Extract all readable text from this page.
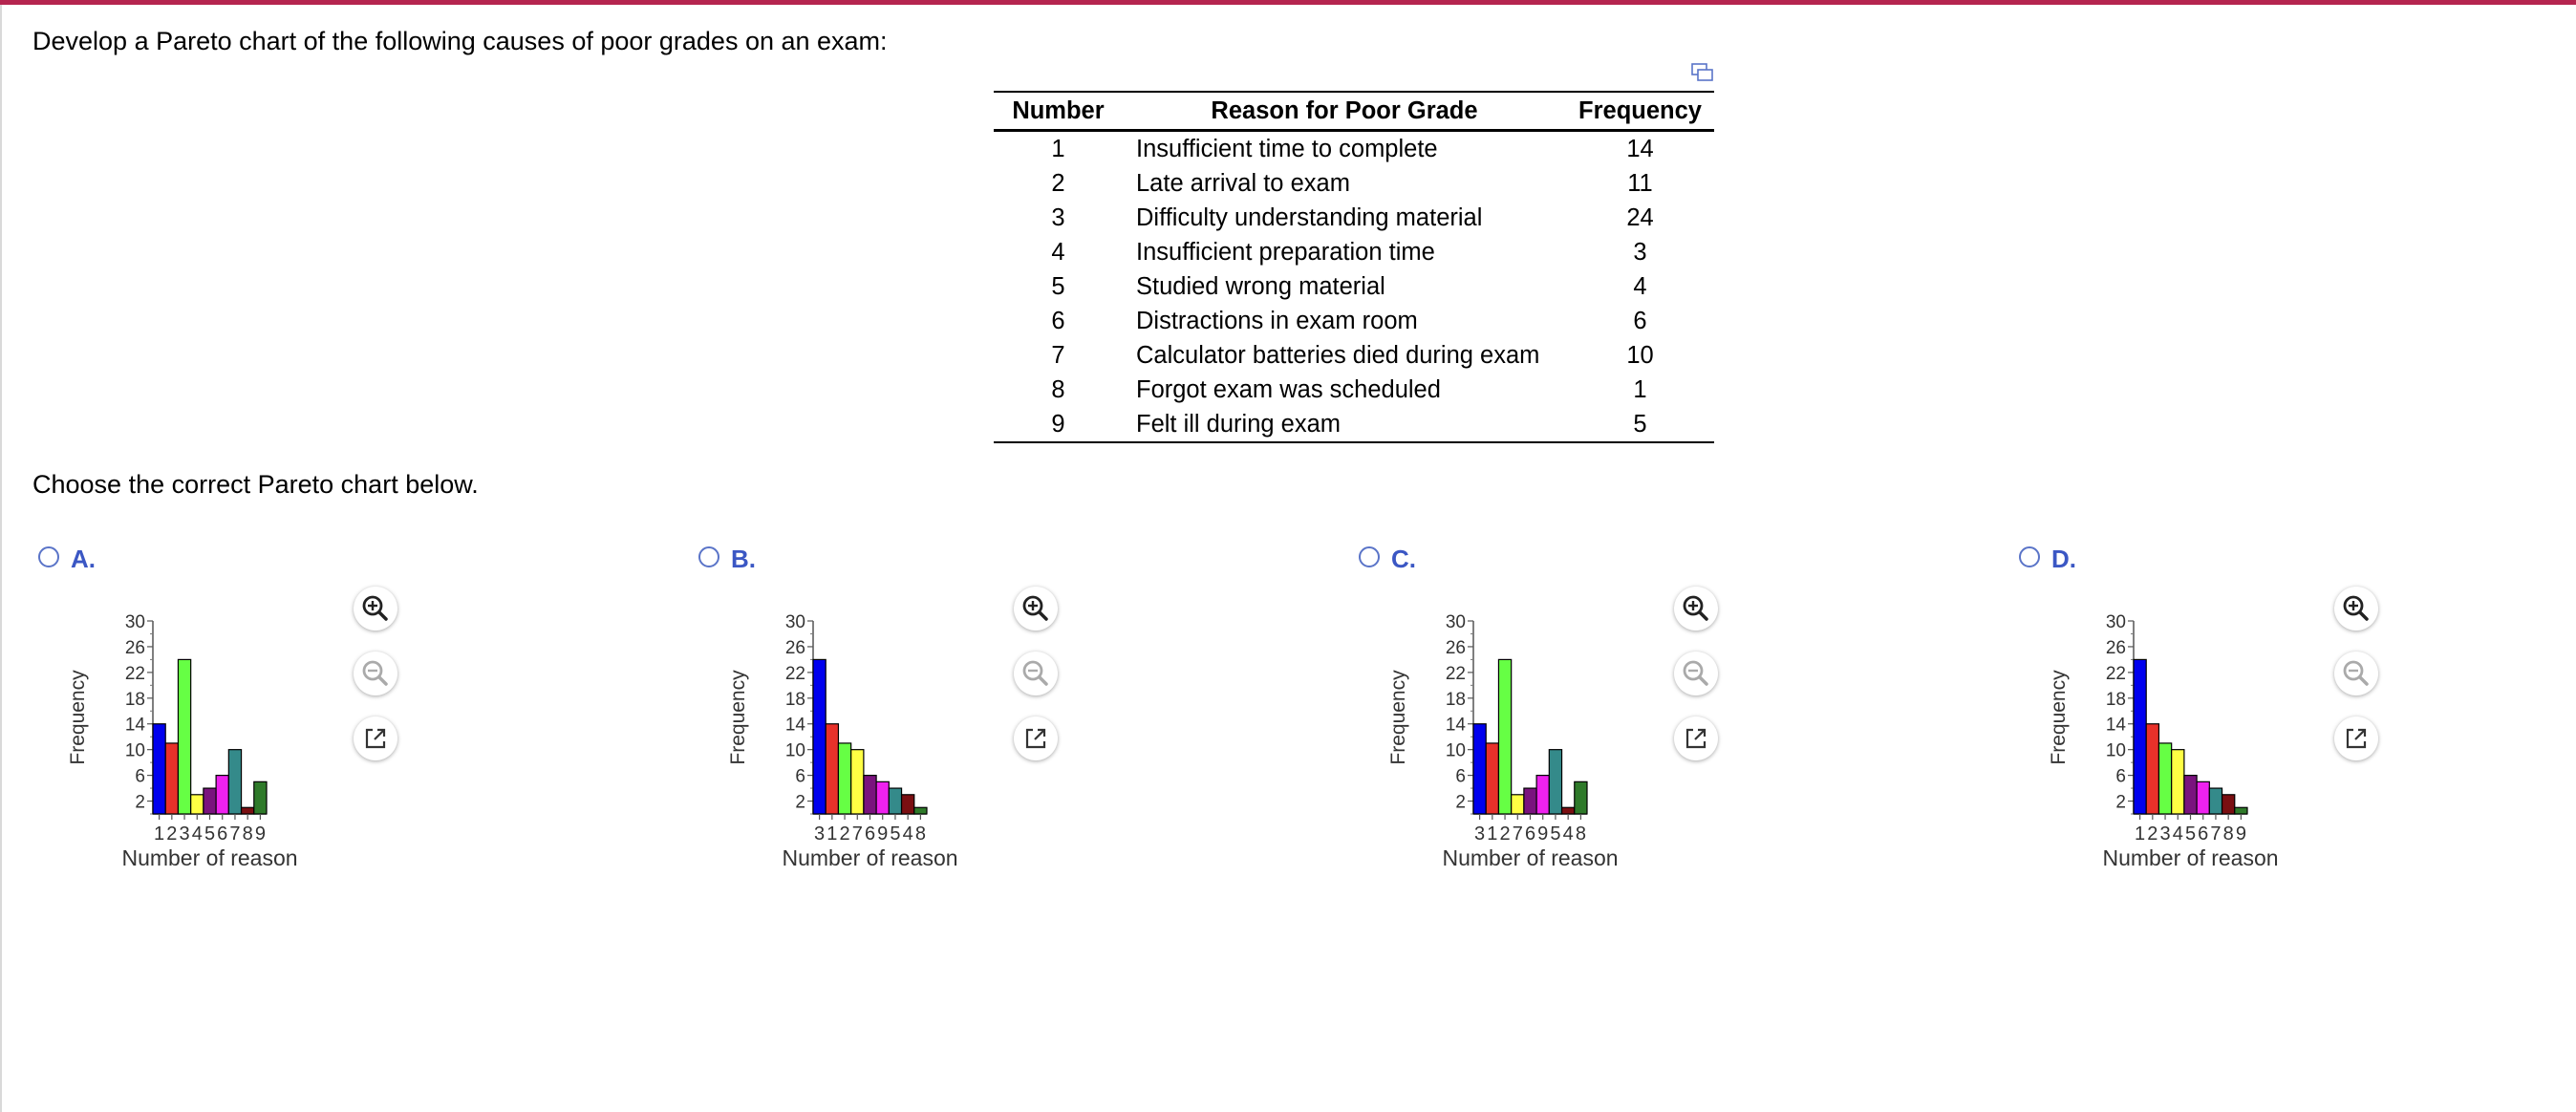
Develop a Pareto chart of the following causes of poor grades on an exam:
Number	Reason for Poor Grade	Frequency
1	Insufficient time to complete	14
2	Late arrival to exam	11
3	Difficulty understanding material	24
4	Insufficient preparation time	3
5	Studied wrong material	4
6	Distractions in exam room	6
7	Calculator batteries died during exam	10
8	Forgot exam was scheduled	1
9	Felt ill during exam	5
Choose the correct Pareto chart below.
A.
2
6
10
14
18
22
26
30
1 2 3 4 5 6 7 8 9
Number of reason
Frequency
B.
2
6
10
14
18
22
26
30
3 1 2 7 6 9 5 4 8
Number of reason
Frequency
C.
2
6
10
14
18
22
26
30
3 1 2 7 6 9 5 4 8
Number of reason
Frequency
D.
2
6
10
14
18
22
26
30
1 2 3 4 5 6 7 8 9
Number of reason
Frequency
